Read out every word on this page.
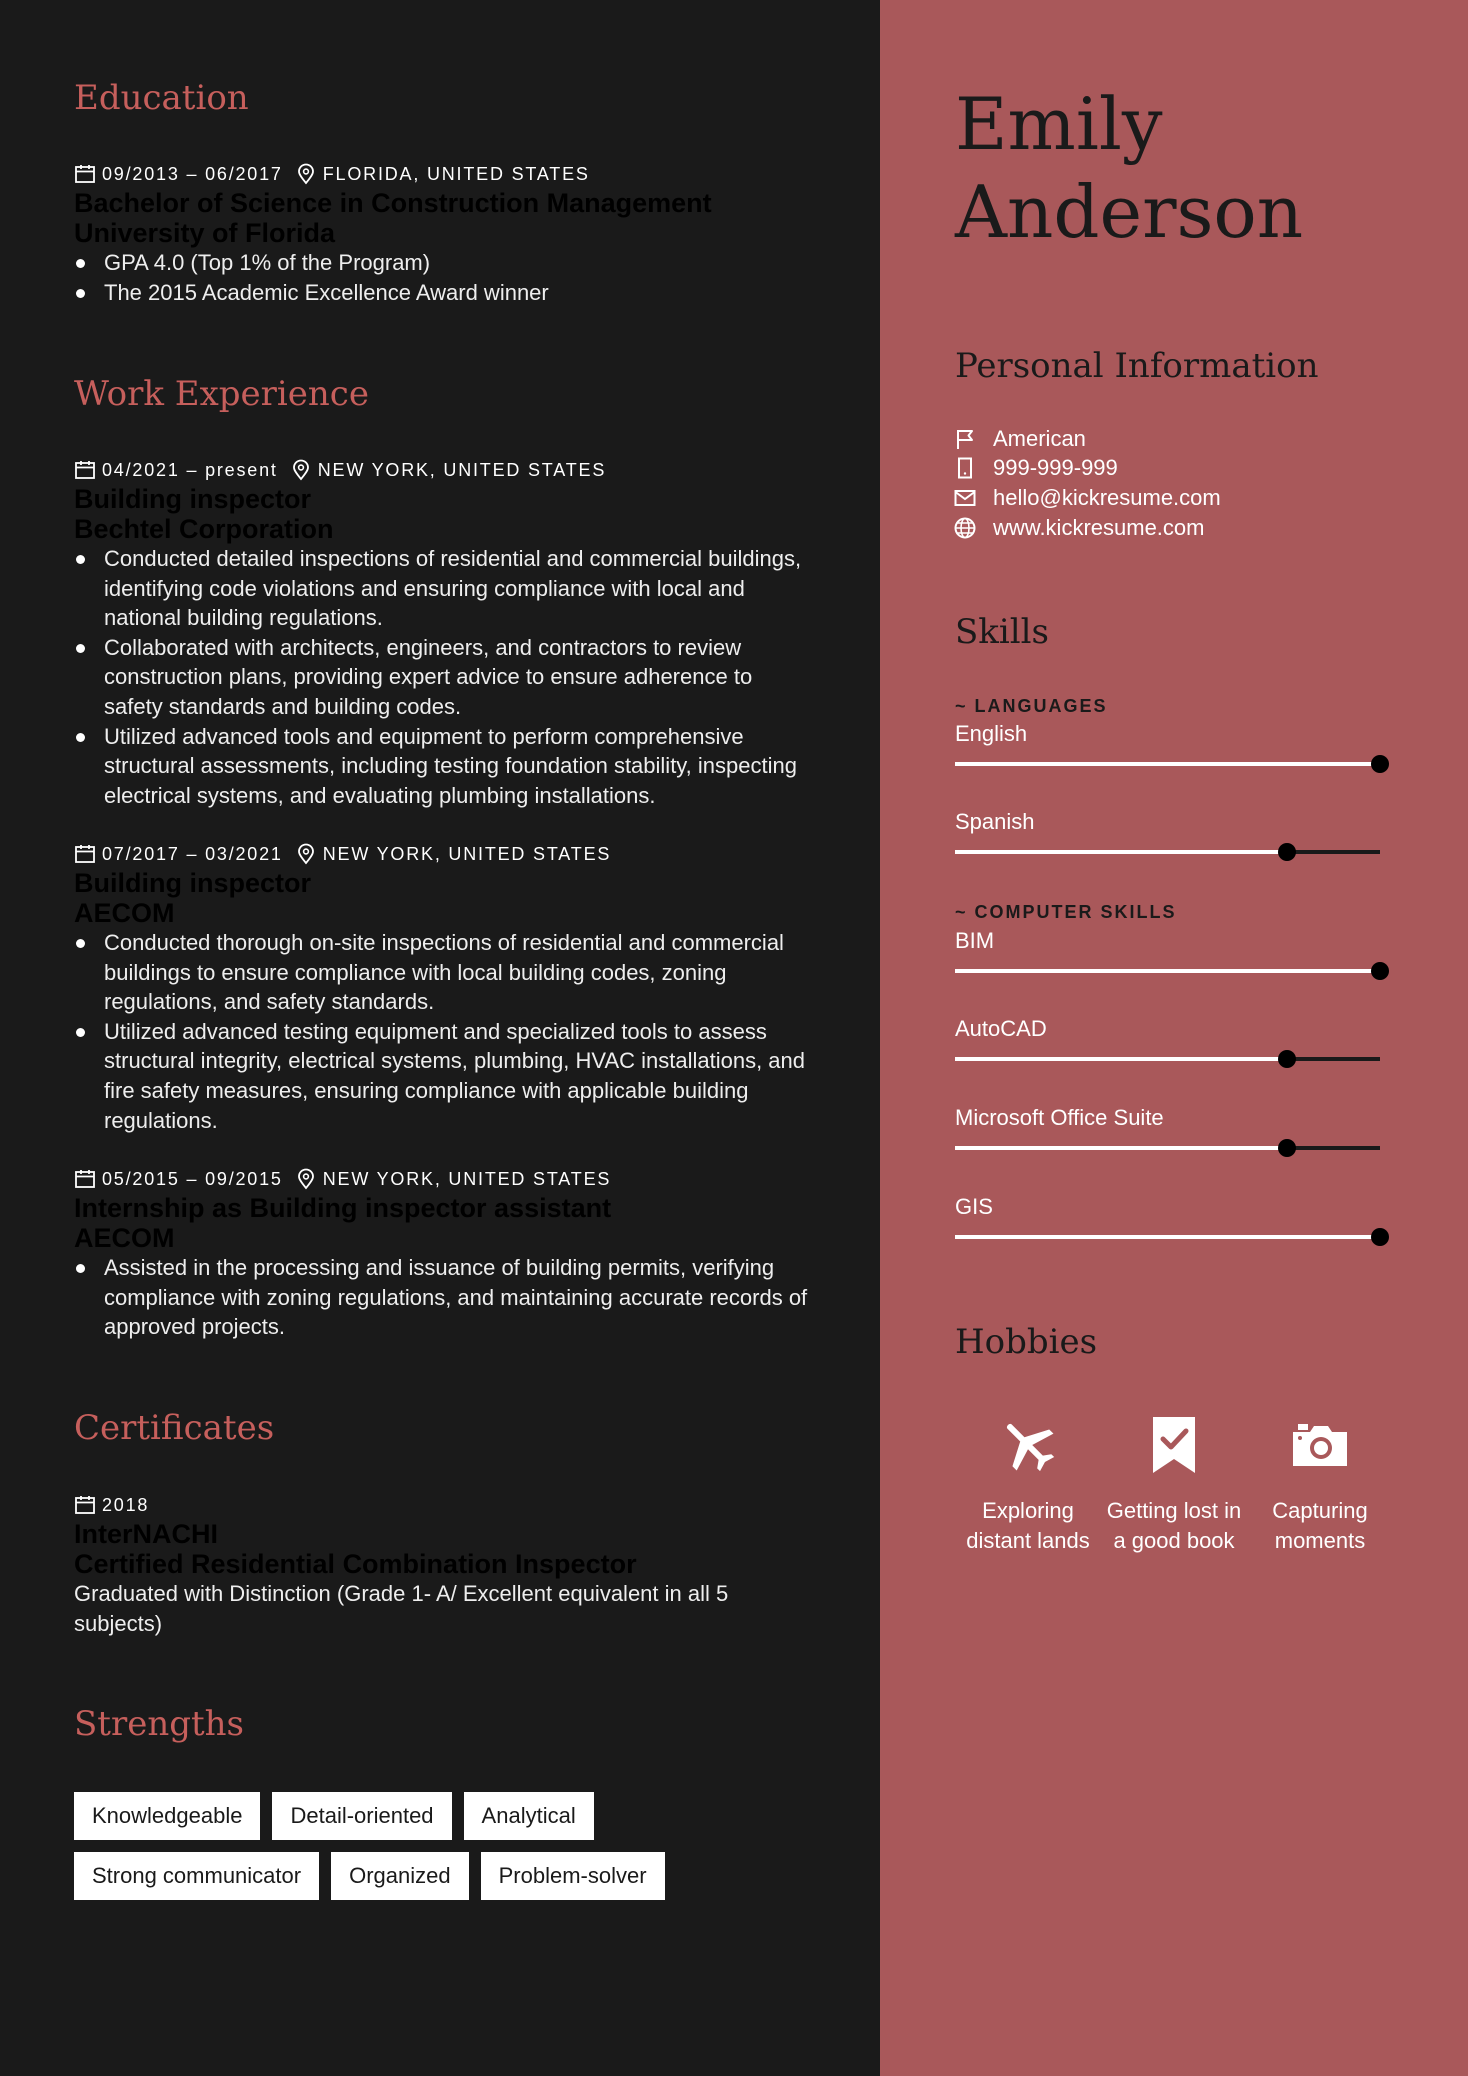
Education
09/2013 – 06/2017 FLORIDA, UNITED STATES
Bachelor of Science in Construction Management
University of Florida
GPA 4.0 (Top 1% of the Program)
The 2015 Academic Excellence Award winner
Work Experience
04/2021 – present NEW YORK, UNITED STATES
Building inspector
Bechtel Corporation
Conducted detailed inspections of residential and commercial buildings, identifying code violations and ensuring compliance with local and national building regulations.
Collaborated with architects, engineers, and contractors to review construction plans, providing expert advice to ensure adherence to safety standards and building codes.
Utilized advanced tools and equipment to perform comprehensive structural assessments, including testing foundation stability, inspecting electrical systems, and evaluating plumbing installations.
07/2017 – 03/2021 NEW YORK, UNITED STATES
Building inspector
AECOM
Conducted thorough on-site inspections of residential and commercial buildings to ensure compliance with local building codes, zoning regulations, and safety standards.
Utilized advanced testing equipment and specialized tools to assess structural integrity, electrical systems, plumbing, HVAC installations, and fire safety measures, ensuring compliance with applicable building regulations.
05/2015 – 09/2015 NEW YORK, UNITED STATES
Internship as Building inspector assistant
AECOM
Assisted in the processing and issuance of building permits, verifying compliance with zoning regulations, and maintaining accurate records of approved projects.
Certificates
2018
InterNACHI
Certified Residential Combination Inspector
Graduated with Distinction (Grade 1- A/ Excellent equivalent in all 5 subjects)
Strengths
Knowledgeable	Detail-oriented	Analytical
Strong communicator	Organized	Problem-solver
Emily
Anderson
Personal Information
American
999-999-999
hello@kickresume.com
www.kickresume.com
Skills
~ LANGUAGES
English
Spanish
~ COMPUTER SKILLS
BIM
AutoCAD
Microsoft Office Suite
GIS
Hobbies
Exploring distant lands
Getting lost in a good book
Capturing moments
